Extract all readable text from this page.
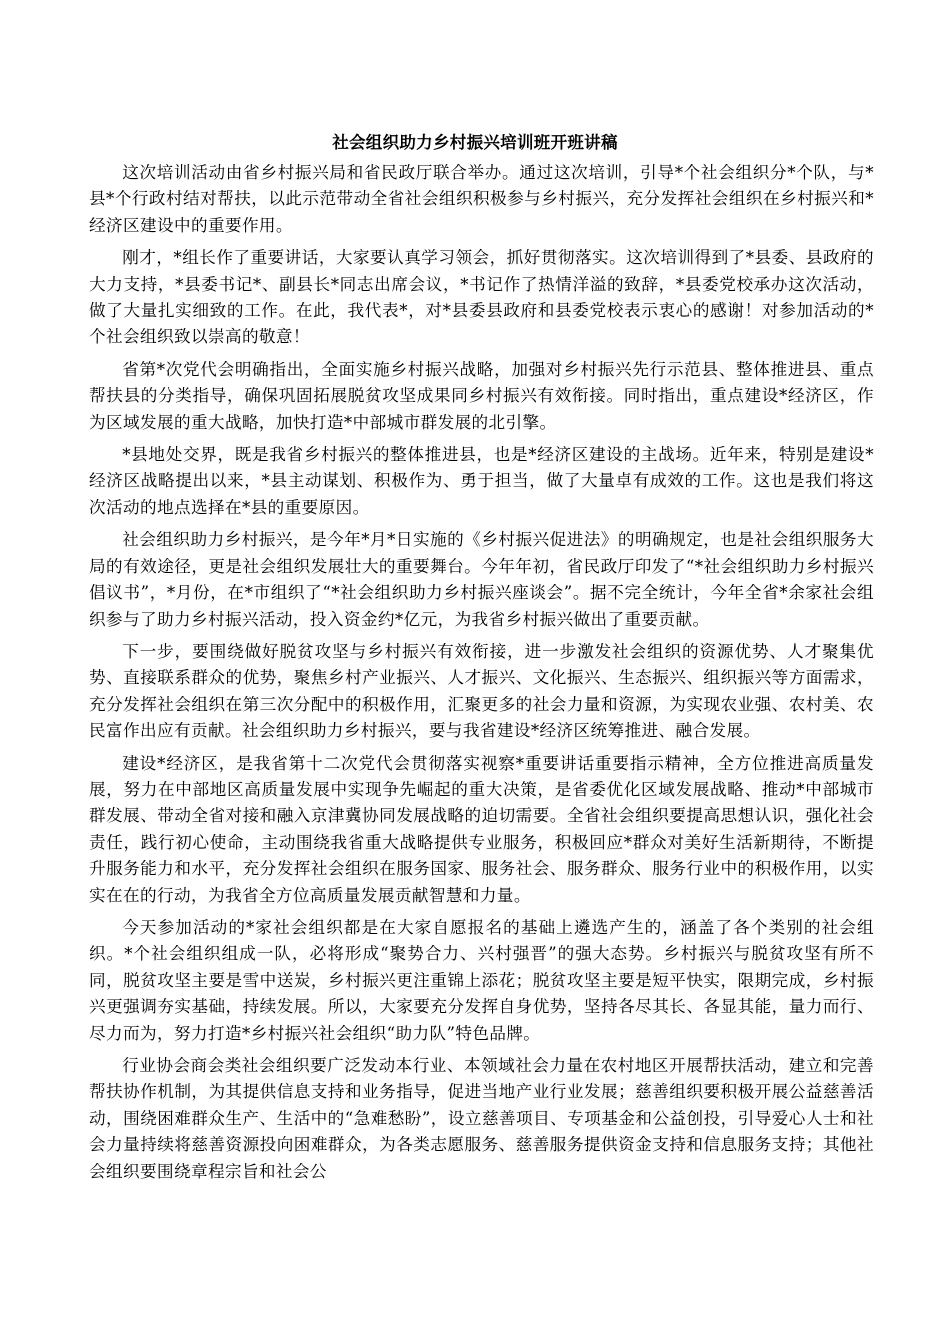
社会组织助力乡村振兴培训班开班讲稿

这次培训活动由省乡村振兴局和省民政厅联合举办。通过这次培训，引导*个社会组织分*个队，与*县*个行政村结对帮扶，以此示范带动全省社会组织积极参与乡村振兴，充分发挥社会组织在乡村振兴和*经济区建设中的重要作用。

刚才，*组长作了重要讲话，大家要认真学习领会，抓好贯彻落实。这次培训得到了*县委、县政府的大力支持，*县委书记*、副县长*同志出席会议，*书记作了热情洋溢的致辞，*县委党校承办这次活动，做了大量扎实细致的工作。在此，我代表*，对*县委县政府和县委党校表示衷心的感谢！对参加活动的*个社会组织致以崇高的敬意！

省第*次党代会明确指出，全面实施乡村振兴战略，加强对乡村振兴先行示范县、整体推进县、重点帮扶县的分类指导，确保巩固拓展脱贫攻坚成果同乡村振兴有效衔接。同时指出，重点建设*经济区，作为区域发展的重大战略，加快打造*中部城市群发展的北引擎。

*县地处交界，既是我省乡村振兴的整体推进县，也是*经济区建设的主战场。近年来，特别是建设*经济区战略提出以来，*县主动谋划、积极作为、勇于担当，做了大量卓有成效的工作。这也是我们将这次活动的地点选择在*县的重要原因。

社会组织助力乡村振兴，是今年*月*日实施的《乡村振兴促进法》的明确规定，也是社会组织服务大局的有效途径，更是社会组织发展壮大的重要舞台。今年年初，省民政厅印发了“*社会组织助力乡村振兴倡议书”，*月份，在*市组织了“*社会组织助力乡村振兴座谈会”。据不完全统计，今年全省*余家社会组织参与了助力乡村振兴活动，投入资金约*亿元，为我省乡村振兴做出了重要贡献。

下一步，要围绕做好脱贫攻坚与乡村振兴有效衔接，进一步激发社会组织的资源优势、人才聚集优势、直接联系群众的优势，聚焦乡村产业振兴、人才振兴、文化振兴、生态振兴、组织振兴等方面需求，充分发挥社会组织在第三次分配中的积极作用，汇聚更多的社会力量和资源，为实现农业强、农村美、农民富作出应有贡献。社会组织助力乡村振兴，要与我省建设*经济区统筹推进、融合发展。

建设*经济区，是我省第十二次党代会贯彻落实视察*重要讲话重要指示精神，全方位推进高质量发展，努力在中部地区高质量发展中实现争先崛起的重大决策，是省委优化区域发展战略、推动*中部城市群发展、带动全省对接和融入京津冀协同发展战略的迫切需要。全省社会组织要提高思想认识，强化社会责任，践行初心使命，主动围绕我省重大战略提供专业服务，积极回应*群众对美好生活新期待，不断提升服务能力和水平，充分发挥社会组织在服务国家、服务社会、服务群众、服务行业中的积极作用，以实实在在的行动，为我省全方位高质量发展贡献智慧和力量。

今天参加活动的*家社会组织都是在大家自愿报名的基础上遴选产生的，涵盖了各个类别的社会组织。*个社会组织组成一队，必将形成“聚势合力、兴村强晋”的强大态势。乡村振兴与脱贫攻坚有所不同，脱贫攻坚主要是雪中送炭，乡村振兴更注重锦上添花；脱贫攻坚主要是短平快实，限期完成，乡村振兴更强调夯实基础，持续发展。所以，大家要充分发挥自身优势，坚持各尽其长、各显其能，量力而行、尽力而为，努力打造*乡村振兴社会组织“助力队”特色品牌。

行业协会商会类社会组织要广泛发动本行业、本领域社会力量在农村地区开展帮扶活动，建立和完善帮扶协作机制，为其提供信息支持和业务指导，促进当地产业行业发展；慈善组织要积极开展公益慈善活动，围绕困难群众生产、生活中的“急难愁盼”，设立慈善项目、专项基金和公益创投，引导爱心人士和社会力量持续将慈善资源投向困难群众，为各类志愿服务、慈善服务提供资金支持和信息服务支持；其他社会组织要围绕章程宗旨和社会公
